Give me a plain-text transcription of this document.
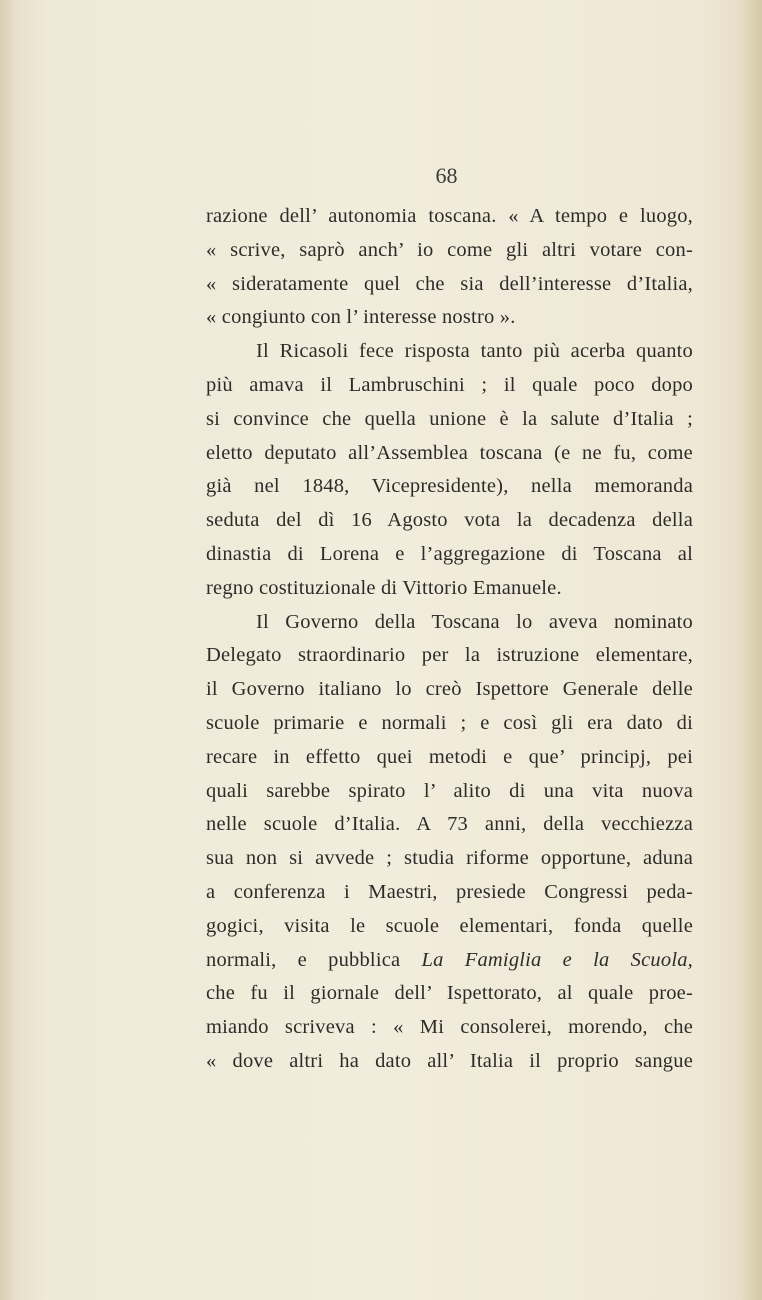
68
razione dell’ autonomia toscana. « A tempo e luogo,
« scrive, saprò anch’ io come gli altri votare con-
« sideratamente quel che sia dell’interesse d’Italia,
« congiunto con l’ interesse nostro ».
Il Ricasoli fece risposta tanto più acerba quanto
più amava il Lambruschini ; il quale poco dopo
si convince che quella unione è la salute d’Italia ;
eletto deputato all’Assemblea toscana (e ne fu, come
già nel 1848, Vicepresidente), nella memoranda
seduta del dì 16 Agosto vota la decadenza della
dinastia di Lorena e l’aggregazione di Toscana al
regno costituzionale di Vittorio Emanuele.
Il Governo della Toscana lo aveva nominato
Delegato straordinario per la istruzione elementare,
il Governo italiano lo creò Ispettore Generale delle
scuole primarie e normali ; e così gli era dato di
recare in effetto quei metodi e que’ principj, pei
quali sarebbe spirato l’ alito di una vita nuova
nelle scuole d’Italia. A 73 anni, della vecchiezza
sua non si avvede ; studia riforme opportune, aduna
a conferenza i Maestri, presiede Congressi peda-
gogici, visita le scuole elementari, fonda quelle
normali, e pubblica La Famiglia e la Scuola,
che fu il giornale dell’ Ispettorato, al quale proe-
miando scriveva : « Mi consolerei, morendo, che
« dove altri ha dato all’ Italia il proprio sangue
